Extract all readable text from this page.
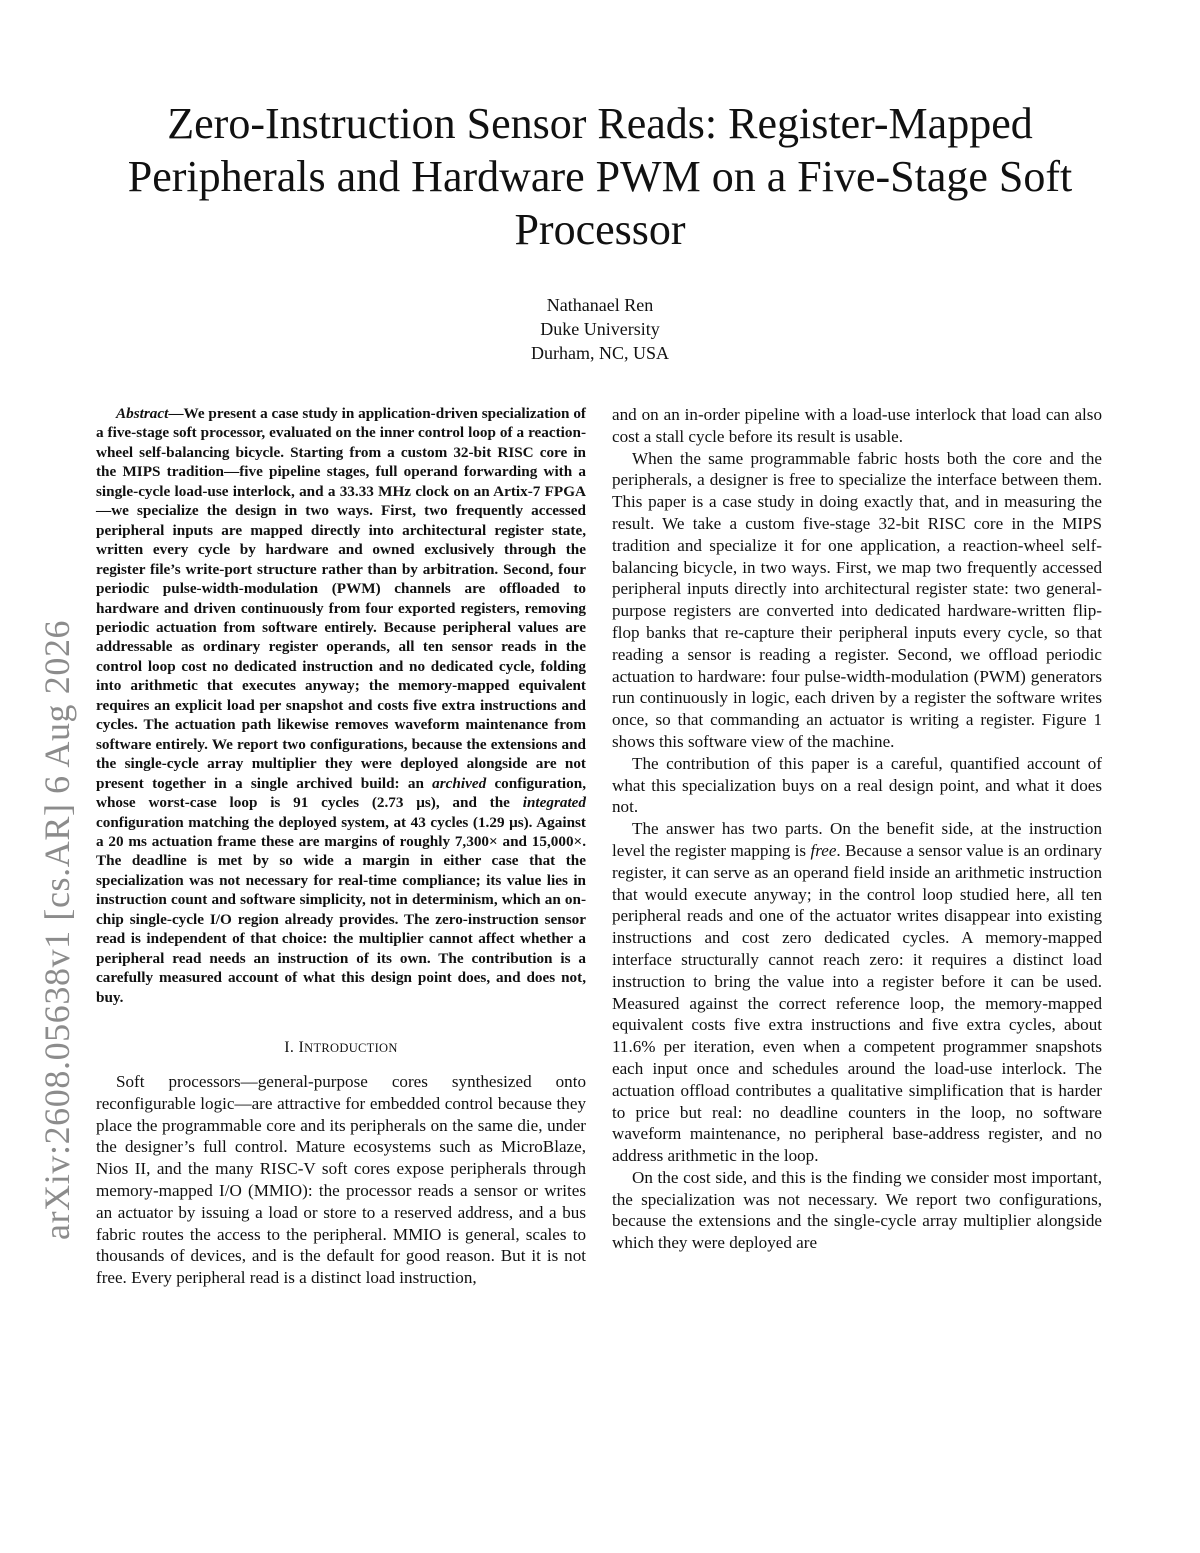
arXiv:2608.05638v1 [cs.AR] 6 Aug 2026
Zero-Instruction Sensor Reads: Register-Mapped Peripherals and Hardware PWM on a Five-Stage Soft Processor
Nathanael Ren
Duke University
Durham, NC, USA

Abstract—We present a case study in application-driven specialization of a five-stage soft processor, evaluated on the inner control loop of a reaction-wheel self-balancing bicycle. Starting from a custom 32-bit RISC core in the MIPS tradition—five pipeline stages, full operand forwarding with a single-cycle load-use interlock, and a 33.33 MHz clock on an Artix-7 FPGA—we specialize the design in two ways. First, two frequently accessed peripheral inputs are mapped directly into architectural register state, written every cycle by hardware and owned exclusively through the register file’s write-port structure rather than by arbitration. Second, four periodic pulse-width-modulation (PWM) channels are offloaded to hardware and driven continuously from four exported registers, removing periodic actuation from software entirely. Because peripheral values are addressable as ordinary register operands, all ten sensor reads in the control loop cost no dedicated instruction and no dedicated cycle, folding into arithmetic that executes anyway; the memory-mapped equivalent requires an explicit load per snapshot and costs five extra instructions and cycles. The actuation path likewise removes waveform maintenance from software entirely. We report two configurations, because the extensions and the single-cycle array multiplier they were deployed alongside are not present together in a single archived build: an archived configuration, whose worst-case loop is 91 cycles (2.73 μs), and the integrated configuration matching the deployed system, at 43 cycles (1.29 μs). Against a 20 ms actuation frame these are margins of roughly 7,300× and 15,000×. The deadline is met by so wide a margin in either case that the specialization was not necessary for real-time compliance; its value lies in instruction count and software simplicity, not in determinism, which an on-chip single-cycle I/O region already provides. The zero-instruction sensor read is independent of that choice: the multiplier cannot affect whether a peripheral read needs an instruction of its own. The contribution is a carefully measured account of what this design point does, and does not, buy.

I. INTRODUCTION

Soft processors—general-purpose cores synthesized onto reconfigurable logic—are attractive for embedded control because they place the programmable core and its peripherals on the same die, under the designer’s full control. Mature ecosystems such as MicroBlaze, Nios II, and the many RISC-V soft cores expose peripherals through memory-mapped I/O (MMIO): the processor reads a sensor or writes an actuator by issuing a load or store to a reserved address, and a bus fabric routes the access to the peripheral. MMIO is general, scales to thousands of devices, and is the default for good reason. But it is not free. Every peripheral read is a distinct load instruction,

and on an in-order pipeline with a load-use interlock that load can also cost a stall cycle before its result is usable.

When the same programmable fabric hosts both the core and the peripherals, a designer is free to specialize the interface between them. This paper is a case study in doing exactly that, and in measuring the result. We take a custom five-stage 32-bit RISC core in the MIPS tradition and specialize it for one application, a reaction-wheel self-balancing bicycle, in two ways. First, we map two frequently accessed peripheral inputs directly into architectural register state: two general-purpose registers are converted into dedicated hardware-written flip-flop banks that re-capture their peripheral inputs every cycle, so that reading a sensor is reading a register. Second, we offload periodic actuation to hardware: four pulse-width-modulation (PWM) generators run continuously in logic, each driven by a register the software writes once, so that commanding an actuator is writing a register. Figure 1 shows this software view of the machine.

The contribution of this paper is a careful, quantified account of what this specialization buys on a real design point, and what it does not.

The answer has two parts. On the benefit side, at the instruction level the register mapping is free. Because a sensor value is an ordinary register, it can serve as an operand field inside an arithmetic instruction that would execute anyway; in the control loop studied here, all ten peripheral reads and one of the actuator writes disappear into existing instructions and cost zero dedicated cycles. A memory-mapped interface structurally cannot reach zero: it requires a distinct load instruction to bring the value into a register before it can be used. Measured against the correct reference loop, the memory-mapped equivalent costs five extra instructions and five extra cycles, about 11.6% per iteration, even when a competent programmer snapshots each input once and schedules around the load-use interlock. The actuation offload contributes a qualitative simplification that is harder to price but real: no deadline counters in the loop, no software waveform maintenance, no peripheral base-address register, and no address arithmetic in the loop.

On the cost side, and this is the finding we consider most important, the specialization was not necessary. We report two configurations, because the extensions and the single-cycle array multiplier alongside which they were deployed are
